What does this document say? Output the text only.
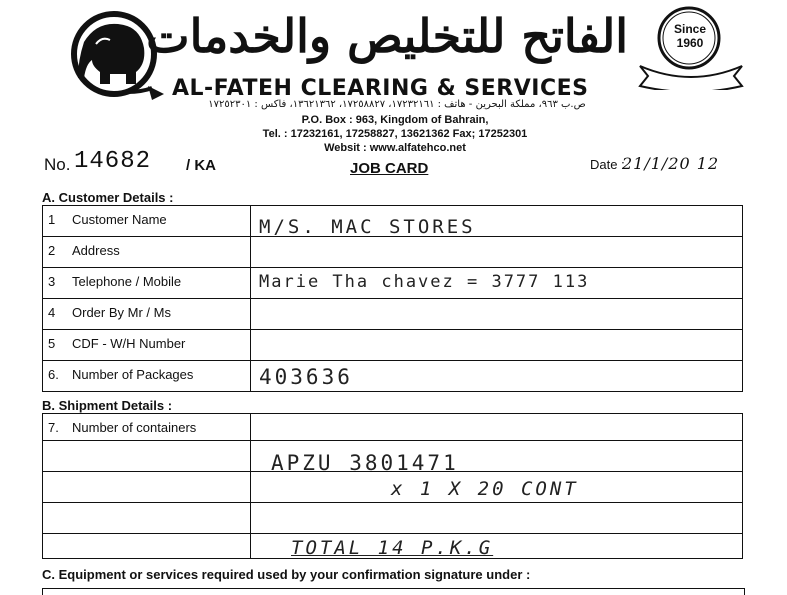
الفاتح للتخليص والخدمات
AL-FATEH CLEARING & SERVICES
Since
1960
ص.ب ٩٦٣، مملكة البحرين - هاتف : ١٧٢٣٢١٦١، ١٧٢٥٨٨٢٧، ١٣٦٢١٣٦٢، فاكس : ١٧٢٥٢٣٠١
P.O. Box : 963, Kingdom of Bahrain,
Tel. : 17232161, 17258827, 13621362 Fax; 17252301
Websit : www.alfatehco.net
No. 14682 / KA	JOB CARD	Date :
21/1/20 12
A. Customer Details :
1 Customer Name	M/S. MAC STORES

2 Address	

3 Telephone / Mobile	Marie Tha chavez = 3777 113

4 Order By Mr / Ms	

5 CDF - W/H Number	

6. Number of Packages	403636
B. Shipment Details :
7. Number of containers	

	APZU 3801471

	x 1 X 20 CONT

	TOTAL 14 P.K.G
C. Equipment or services required used by your confirmation signature under :
